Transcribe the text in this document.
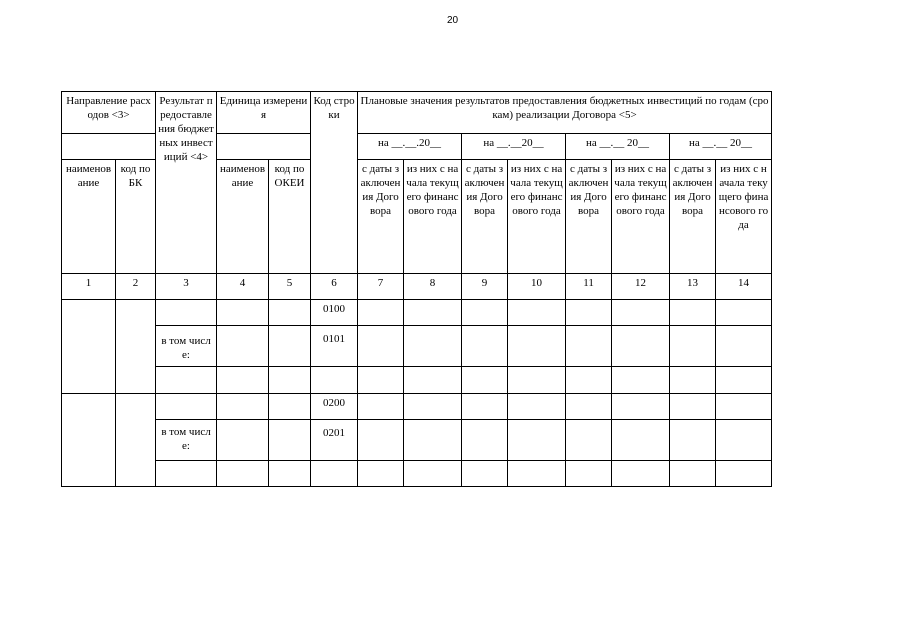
20
Направление расходов <3>		Результат предоставления бюджетных инвестиций <4>	Единица измерения		Код строки	Плановые значения результатов предоставления бюджетных инвестиций по годам (срокам) реализации Договора <5>							
						на __.__.20__		на __.__20__		на __.__ 20__		на __.__ 20__	
наименование	код по БК		наименование	код по ОКЕИ		с даты заключения Договора	из них с начала текущего финансового года	с даты заключения Договора	из них с начала текущего финансового года	с даты заключения Договора	из них с начала текущего финансового года	с даты заключения Договора	из них с начала текущего финансового года
1	2	3	4	5	6	7	8	9	10	11	12	13	14
					0100								
		в том числе:			0101								

					0200								
		в том числе:			0201								
